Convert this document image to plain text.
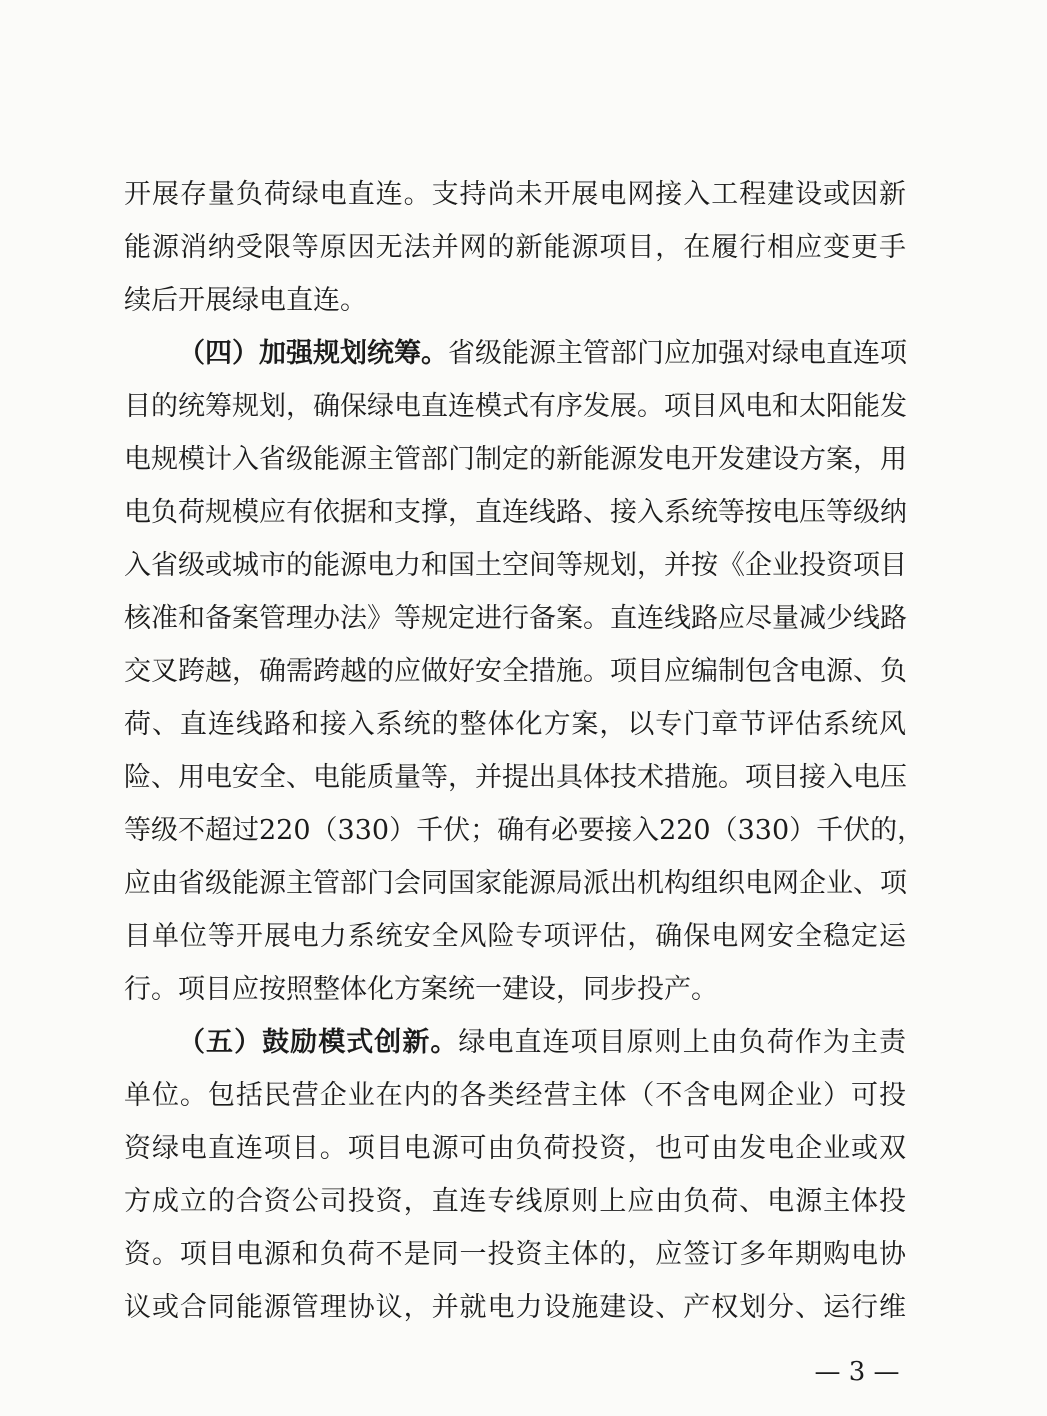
开展存量负荷绿电直连。支持尚未开展电网接入工程建设或因新
能源消纳受限等原因无法并网的新能源项目，在履行相应变更手
续后开展绿电直连。
（四）加强规划统筹。省级能源主管部门应加强对绿电直连项
目的统筹规划，确保绿电直连模式有序发展。项目风电和太阳能发
电规模计入省级能源主管部门制定的新能源发电开发建设方案，用
电负荷规模应有依据和支撑，直连线路、接入系统等按电压等级纳
入省级或城市的能源电力和国土空间等规划，并按《企业投资项目
核准和备案管理办法》等规定进行备案。直连线路应尽量减少线路
交叉跨越，确需跨越的应做好安全措施。项目应编制包含电源、负
荷、直连线路和接入系统的整体化方案，以专门章节评估系统风
险、用电安全、电能质量等，并提出具体技术措施。项目接入电压
等级不超过220（330）千伏；确有必要接入220（330）千伏的，
应由省级能源主管部门会同国家能源局派出机构组织电网企业、项
目单位等开展电力系统安全风险专项评估，确保电网安全稳定运
行。项目应按照整体化方案统一建设，同步投产。
（五）鼓励模式创新。绿电直连项目原则上由负荷作为主责
单位。包括民营企业在内的各类经营主体（不含电网企业）可投
资绿电直连项目。项目电源可由负荷投资，也可由发电企业或双
方成立的合资公司投资，直连专线原则上应由负荷、电源主体投
资。项目电源和负荷不是同一投资主体的，应签订多年期购电协
议或合同能源管理协议，并就电力设施建设、产权划分、运行维
— 3 —
